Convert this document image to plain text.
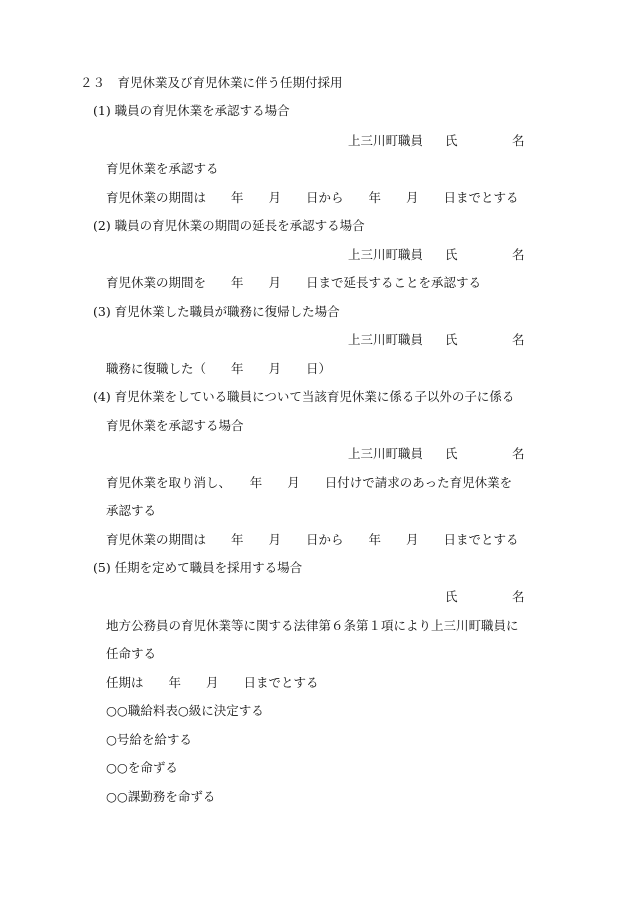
２３　育児休業及び育児休業に伴う任期付採用
(1) 職員の育児休業を承認する場合
上三川町職員 氏	名
育児休業を承認する
育児休業の期間は　　年　　月　　日から　　年　　月　　日までとする
(2) 職員の育児休業の期間の延長を承認する場合
上三川町職員 氏	名
育児休業の期間を　　年　　月　　日まで延長することを承認する
(3) 育児休業した職員が職務に復帰した場合
上三川町職員 氏	名
職務に復職した（　　年　　月　　日）
(4) 育児休業をしている職員について当該育児休業に係る子以外の子に係る
育児休業を承認する場合
上三川町職員 氏	名
育児休業を取り消し、　　年　　月　　日付けで請求のあった育児休業を
承認する
育児休業の期間は　　年　　月　　日から　　年　　月　　日までとする
(5) 任期を定めて職員を採用する場合
氏	名
地方公務員の育児休業等に関する法律第６条第１項により上三川町職員に
任命する
任期は　　年　　月　　日までとする
○○職給料表○級に決定する
○号給を給する
○○を命ずる
○○課勤務を命ずる
